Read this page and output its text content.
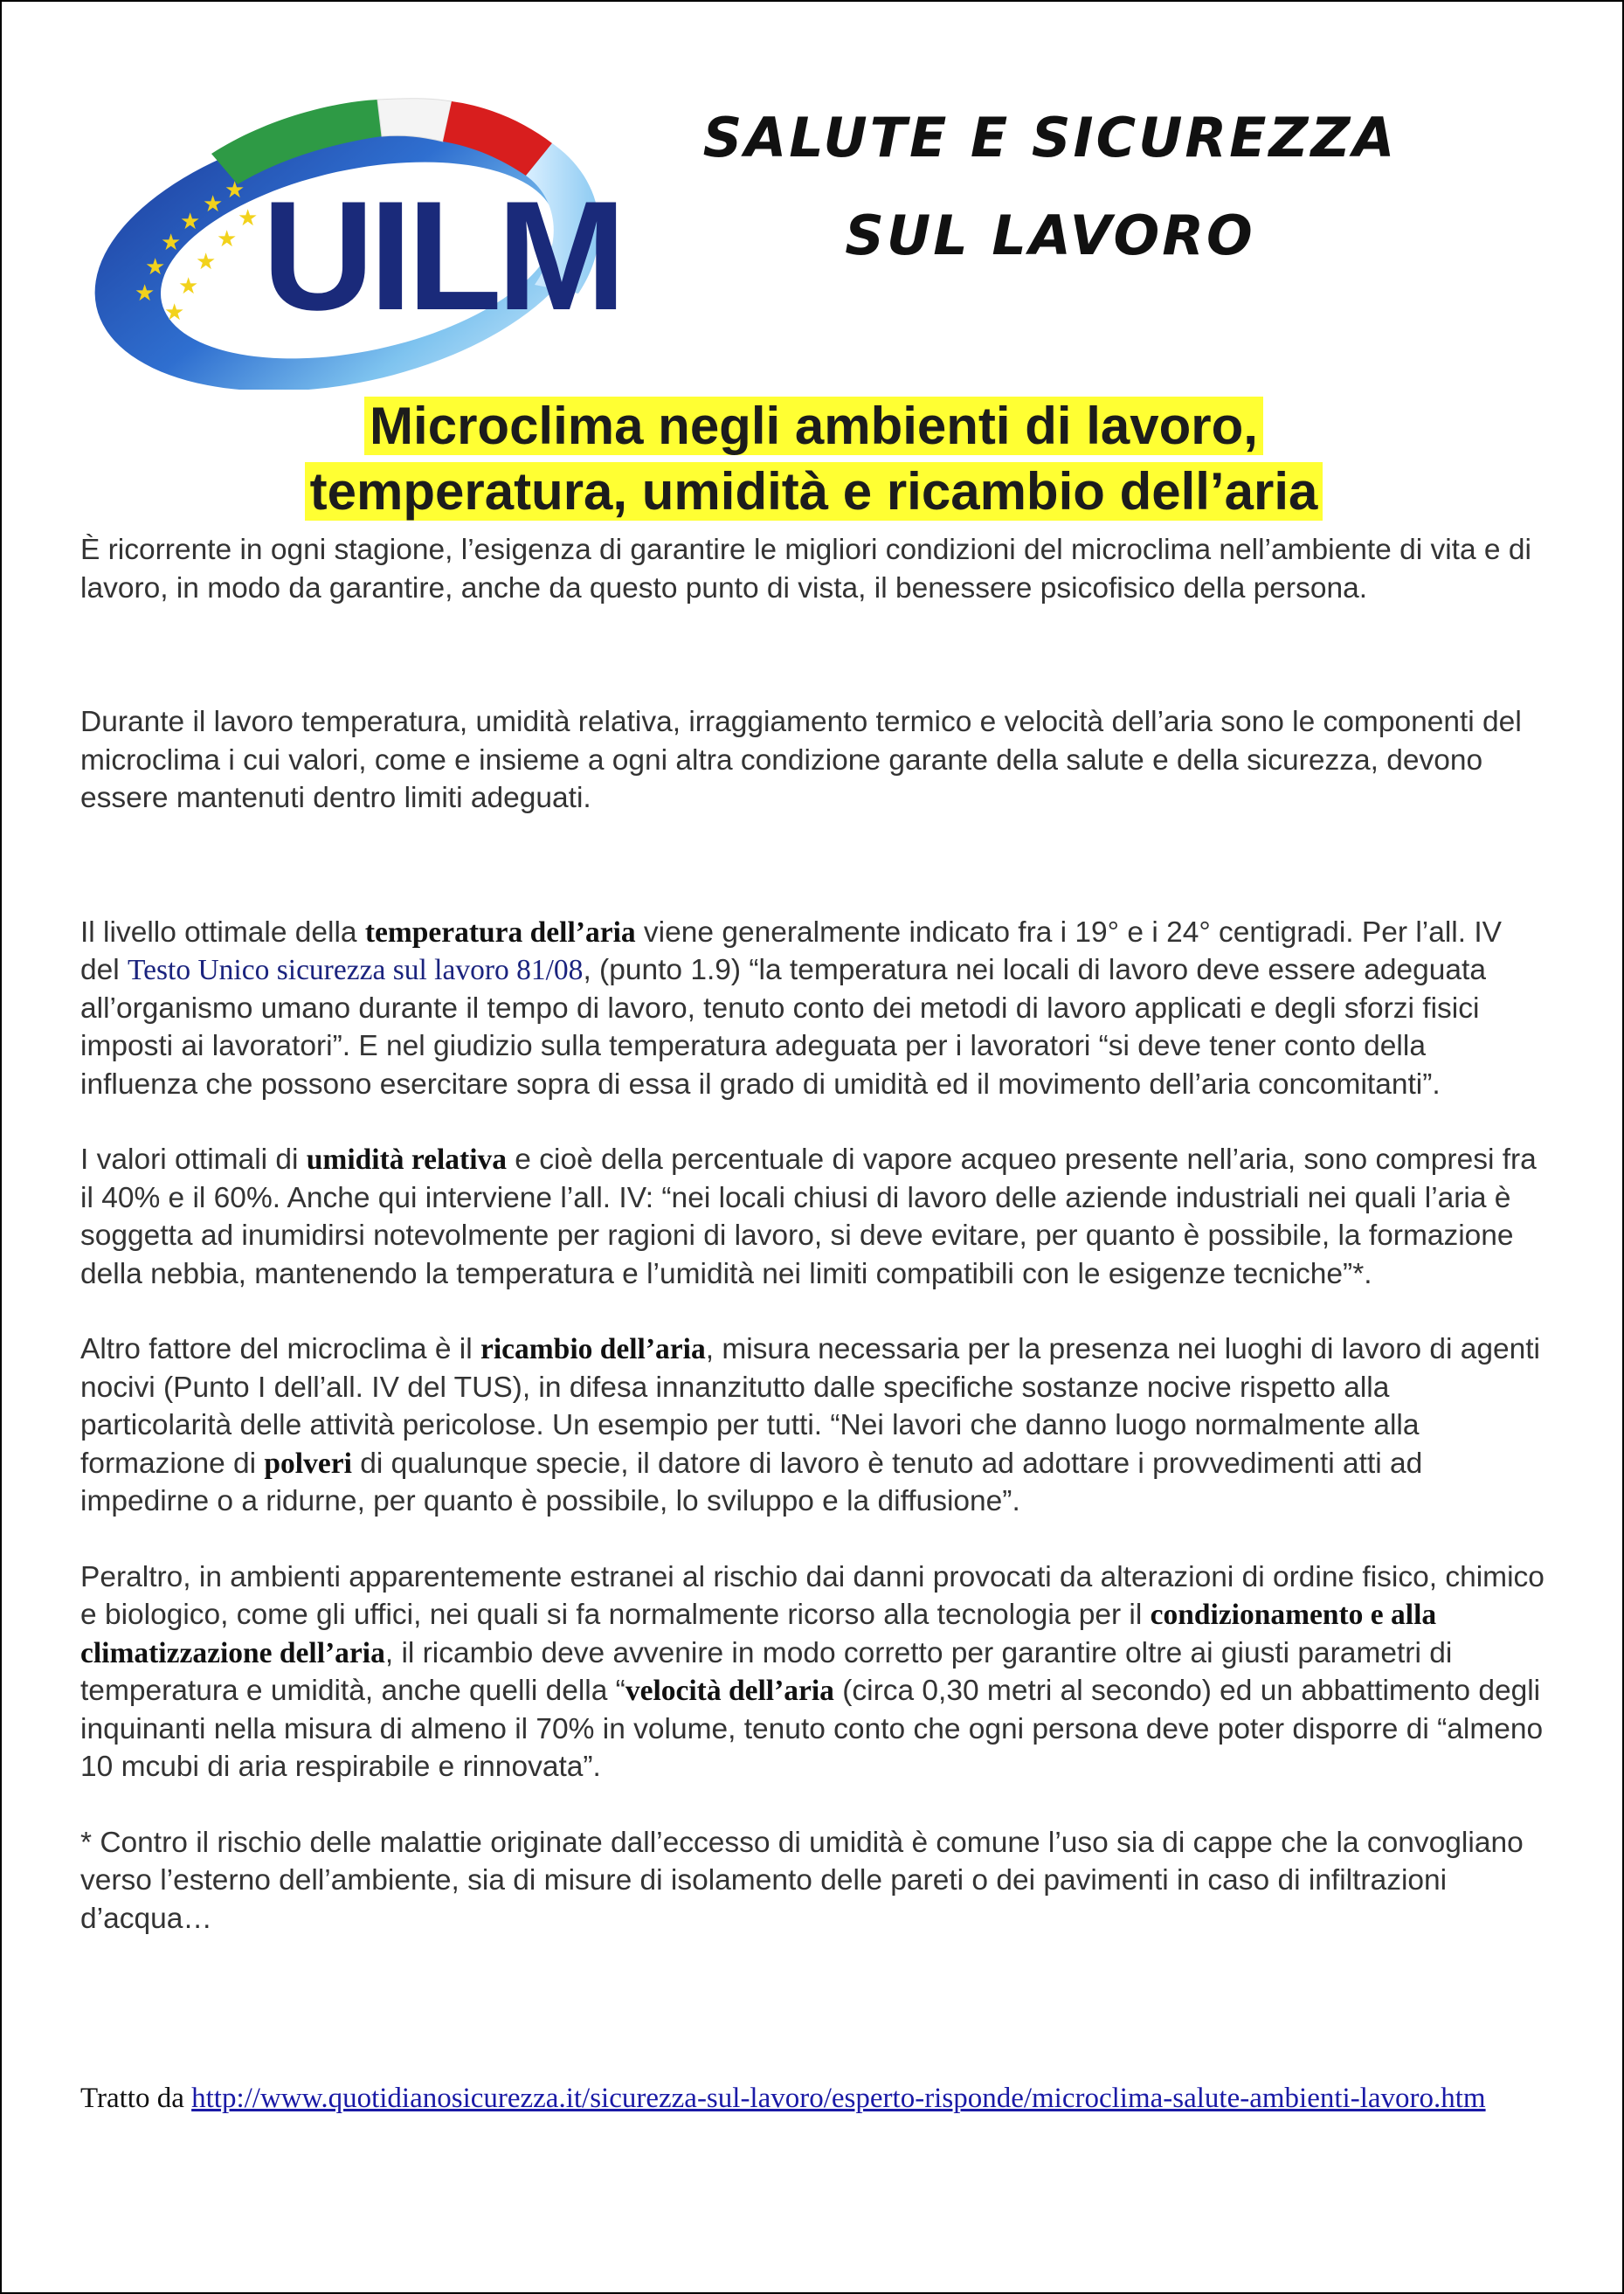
★
★
★
★
★
★
★
★
★
★
★ UILM
SALUTE E SICUREZZA
SUL LAVORO
Microclima negli ambienti di lavoro,
temperatura, umidità e ricambio dell’aria

È ricorrente in ogni stagione, l’esigenza di garantire le migliori condizioni del microclima nell’ambiente di vita e di lavoro, in modo da garantire, anche da questo punto di vista, il benessere psicofisico della persona.

Durante il lavoro temperatura, umidità relativa, irraggiamento termico e velocità dell’aria sono le componenti del microclima i cui valori, come e insieme a ogni altra condizione garante della salute e della sicurezza, devono essere mantenuti dentro limiti adeguati.

Il livello ottimale della temperatura dell’aria viene generalmente indicato fra i 19° e i 24° centigradi. Per l’all. IV del Testo Unico sicurezza sul lavoro 81/08, (punto 1.9) “la temperatura nei locali di lavoro deve essere adeguata all’organismo umano durante il tempo di lavoro, tenuto conto dei metodi di lavoro applicati e degli sforzi fisici imposti ai lavoratori”. E nel giudizio sulla temperatura adeguata per i lavoratori “si deve tener conto della influenza che possono esercitare sopra di essa il grado di umidità ed il movimento dell’aria concomitanti”.

I valori ottimali di umidità relativa e cioè della percentuale di vapore acqueo presente nell’aria, sono compresi fra il 40% e il 60%. Anche qui interviene l’all. IV: “nei locali chiusi di lavoro delle aziende industriali nei quali l’aria è soggetta ad inumidirsi notevolmente per ragioni di lavoro, si deve evitare, per quanto è possibile, la formazione della nebbia, mantenendo la temperatura e l’umidità nei limiti compatibili con le esigenze tecniche”*.

Altro fattore del microclima è il ricambio dell’aria, misura necessaria per la presenza nei luoghi di lavoro di agenti nocivi (Punto I dell’all. IV del TUS), in difesa innanzitutto dalle specifiche sostanze nocive rispetto alla particolarità delle attività pericolose. Un esempio per tutti. “Nei lavori che danno luogo normalmente alla formazione di polveri di qualunque specie, il datore di lavoro è tenuto ad adottare i provvedimenti atti ad impedirne o a ridurne, per quanto è possibile, lo sviluppo e la diffusione”.

Peraltro, in ambienti apparentemente estranei al rischio dai danni provocati da alterazioni di ordine fisico, chimico e biologico, come gli uffici, nei quali si fa normalmente ricorso alla tecnologia per il condizionamento e alla climatizzazione dell’aria, il ricambio deve avvenire in modo corretto per garantire oltre ai giusti parametri di temperatura e umidità, anche quelli della “velocità dell’aria (circa 0,30 metri al secondo) ed un abbattimento degli inquinanti nella misura di almeno il 70% in volume, tenuto conto che ogni persona deve poter disporre di “almeno 10 mcubi di aria respirabile e rinnovata”.

* Contro il rischio delle malattie originate dall’eccesso di umidità è comune l’uso sia di cappe che la convogliano verso l’esterno dell’ambiente, sia di misure di isolamento delle pareti o dei pavimenti in caso di infiltrazioni d’acqua…

Tratto da http://www.quotidianosicurezza.it/sicurezza-sul-lavoro/esperto-risponde/microclima-salute-ambienti-lavoro.htm
